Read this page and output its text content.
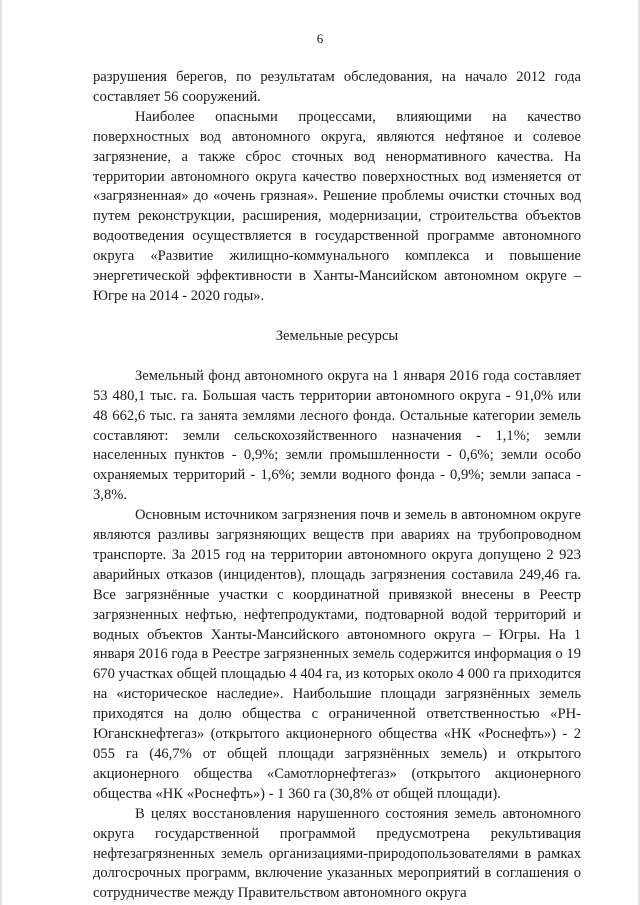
6

разрушения берегов, по результатам обследования, на начало 2012 года составляет 56 сооружений.

Наиболее опасными процессами, влияющими на качество поверхностных вод автономного округа, являются нефтяное и солевое загрязнение, а также сброс сточных вод ненормативного качества. На территории автономного округа качество поверхностных вод изменяется от «загрязненная» до «очень грязная». Решение проблемы очистки сточных вод путем реконструкции, расширения, модернизации, строительства объектов водоотведения осуществляется в государственной программе автономного округа «Развитие жилищно-коммунального комплекса и повышение энергетической эффективности в Ханты-Мансийском автономном округе – Югре на 2014 - 2020 годы».

Земельные ресурсы

Земельный фонд автономного округа на 1 января 2016 года составляет 53 480,1 тыс. га. Большая часть территории автономного округа - 91,0% или 48 662,6 тыс. га занята землями лесного фонда. Остальные категории земель составляют: земли сельскохозяйственного назначения - 1,1%; земли населенных пунктов - 0,9%; земли промышленности - 0,6%; земли особо охраняемых территорий - 1,6%; земли водного фонда - 0,9%; земли запаса - 3,8%.

Основным источником загрязнения почв и земель в автономном округе являются разливы загрязняющих веществ при авариях на трубопроводном транспорте. За 2015 год на территории автономного округа допущено 2 923 аварийных отказов (инцидентов), площадь загрязнения составила 249,46 га. Все загрязнённые участки с координатной привязкой внесены в Реестр загрязненных нефтью, нефтепродуктами, подтоварной водой территорий и водных объектов Ханты-Мансийского автономного округа – Югры. На 1 января 2016 года в Реестре загрязненных земель содержится информация о 19 670 участках общей площадью 4 404 га, из которых около 4 000 га приходится на «историческое наследие». Наибольшие площади загрязнённых земель приходятся на долю общества с ограниченной ответственностью «РН-Юганскнефтегаз» (открытого акционерного общества «НК «Роснефть») - 2 055 га (46,7% от общей площади загрязнённых земель) и открытого акционерного общества «Самотлорнефтегаз» (открытого акционерного общества «НК «Роснефть») - 1 360 га (30,8% от общей площади).

В целях восстановления нарушенного состояния земель автономного округа государственной программой предусмотрена рекультивация нефтезагрязненных земель организациями-природопользователями в рамках долгосрочных программ, включение указанных мероприятий в соглашения о сотрудничестве между Правительством автономного округа
